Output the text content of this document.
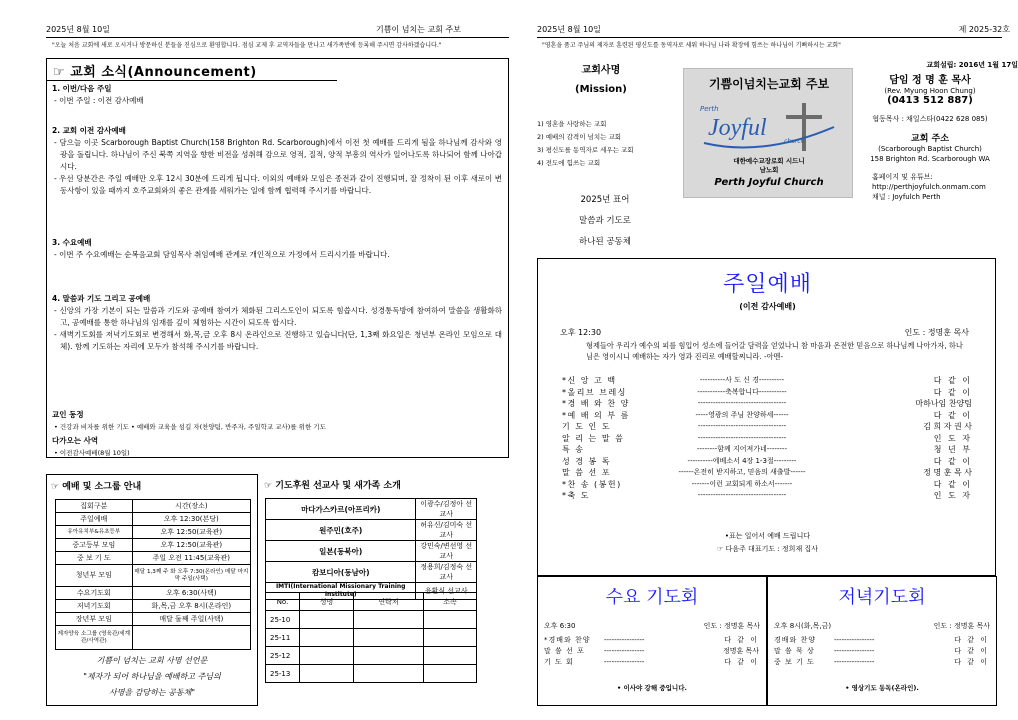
2025년 8월 10일	기쁨이 넘치는 교회 주보
"오늘 처음 교회에 새로 오시거나 방문하신 분들을 진심으로 환영합니다. 점심 교제 후 교역자들을 만나고 새가족반에 등록해 주시면 감사하겠습니다."
☞ 교회 소식(Announcement)
1. 이번/다음 주일

- 이번 주일 : 이전 감사예배

2. 교회 이전 감사예배

- 담으늘 이곳 Scarborough Baptist Church(158 Brighton Rd. Scarborough)에서 이전 첫 예배를 드리게 됨을 하나님께 감사와 영광을 돌립니다. 하나님이 주신 북쪽 지역을 향한 비전을 성취해 감으로 영적, 질적, 양적 부흥의 역사가 일어나도록 하나되어 함께 나아갑시다.

- 우선 당분간은 주일 예배만 오후 12시 30분에 드리게 됩니다. 이외의 예배와 모임은 종전과 같이 진행되며, 잘 정착이 된 이후 새로이 변동사항이 있을 때까지 호주교회와의 좋은 관계를 세워가는 일에 함께 협력해 주시기를 바랍니다.

3. 수요예배

- 이번 주 수요예배는 순복음교회 담임목사 취임예배 관계로 개인적으로 가정에서 드리시기를 바랍니다.

4. 말씀과 기도 그리고 공예배

- 신앙의 가장 기본이 되는 말씀과 기도와 공예배 참여가 체화된 그리스도인이 되도록 힘씁시다. 성경통독방에 참여하여 말씀을 생활화하고, 공예배를 통한 하나님의 임재를 깊이 체험하는 시간이 되도록 합시다.

- 새벽기도회를 저녁기도회로 변경해서 화,목,금 오후 8시 온라인으로 진행하고 있습니다(단, 1,3째 화요일은 청년부 온라인 모임으로 대체). 함께 기도하는 자리에 모두가 참석해 주시기를 바랍니다.

교인 동정

• 건강과 비자를 위한 기도 • 예배와 교육을 섬길 자(찬양팀, 반주자, 주일학교 교사)를 위한 기도

다가오는 사역

• 이전감사예배(8월 10일)

☞ 예배 및 소그룹 안내
집회구분	시간(장소)
주일예배	오후 12:30(본당)
유아유치부&유초등부	오후 12:50(교육관)
중고등부 모임	오후 12:50(교육관)
중 보 기 도	주일 오전 11:45(교육관)
청년부 모임	매달 1,3째 주 화 오후 7:30(온라인) 매달 마지막 주일(사택)
수요기도회	오후 6:30(사택)
저녁기도회	화,목,금 오후 8시(온라인)
장년부 모임	매달 둘째 주일(사택)
제자양육 소그룹 (영육관/세계관/사역관)	
기쁨이 넘치는 교회 사명 선언문
"제자가 되어 하나님을 예배하고 주님의
사명을 감당하는 공동체"
☞ 기도후원 선교사 및 새가족 소개
마다가스카르(아프리카)	이광수/김정아 선교사
원주민(호주)	허유신/김미숙 선교사
일본(동북아)	강민숙/변선영 선교사
캄보디아(동남아)	정용희/김정숙 선교사
IMTI(International Missionary Training Institute)	윤환식 선교사
No.	성명	연락처	소속
25-10			
25-11			
25-12			
25-13			
2025년 8월 10일	제 2025-32호
"영혼을 품고 주님의 제자로 훈련된 평신도를 동역자로 세워 하나님 나라 확장에 힘쓰는 하나님이 기뻐하시는 교회"
교회사명
(Mission)
1) 영혼을 사랑하는 교회
2) 예배의 감격이 넘치는 교회
3) 평신도를 동역자로 세우는 교회
4) 전도에 힘쓰는 교회
2025년 표어
말씀과 기도로
하나된 공동체
기쁨이넘치는교회 주보
Perth
Joyful
church
대한예수교장로회 시드니
남노회
Perth Joyful Church
교회설립: 2016년 1월 17일
담임 정 명 훈 목사
(Rev. Myung Hoon Chung)
(0413 512 887)
협동목사 : 채일스타(0422 628 085)
교회 주소
(Scarborough Baptist Church)
158 Brighton Rd. Scarborough WA
홈페이지 및 유튜브:
http://perthjoyfulch.onmam.com
채널 : Joyfulch Perth
주일예배
(이전 감사예배)
오후 12:30	인도 : 정명훈 목사
형제들아 우리가 예수의 피를 힘입어 성소에 들어갈 담력을 얻었나니 참 마음과 온전한 믿음으로 하나님께 나아가자, 하나님은 영이시니 예배하는 자가 영과 진리로 예배할찌니라. -아멘-
*신 앙 고 백	----------사 도 신 경----------	다 같 이
*올리브 브레싱	-----------축복합니다-----------	다 같 이
*경 배 와 찬 양	-----------------------------------	마하나임 찬양팀
*예 배 의 부 름	-----영광의 주님 찬양하세------	다 같 이
기 도 인 도	-----------------------------------	김 희 자 권 사
알 리 는 말 씀	-----------------------------------	인 도 자
특 송	--------함께 지어져가네--------	청 년 부
성 경 봉 독	----------에베소서 4장 1-3절---------	다 같 이
말 씀 선 포	------온전히 받지하고, 믿음의 새출발------	정 명 훈 목 사
*찬 송 (봉헌)	-------이런 교회되게 하소서-------	다 같 이
*축 도	-----------------------------------	인 도 자
•표는 일어서 예배 드립니다
☞ 다음주 대표기도 : 정희재 집사
수요 기도회
오후 6:30	인도 : 정명훈 목사
*경배와 찬양	----------------	다 같 이
말 씀 선 포	----------------	정명훈 목사
기 도 회	----------------	다 같 이
• 이사야 강해 중입니다.
저녁기도회
오후 8시(화,목,금)	인도 : 정명훈 목사
경배와 찬양	----------------	다 같 이
말 씀 묵 상	----------------	다 같 이
중 보 기 도	----------------	다 같 이
• 영상기도 동독(온라인).
